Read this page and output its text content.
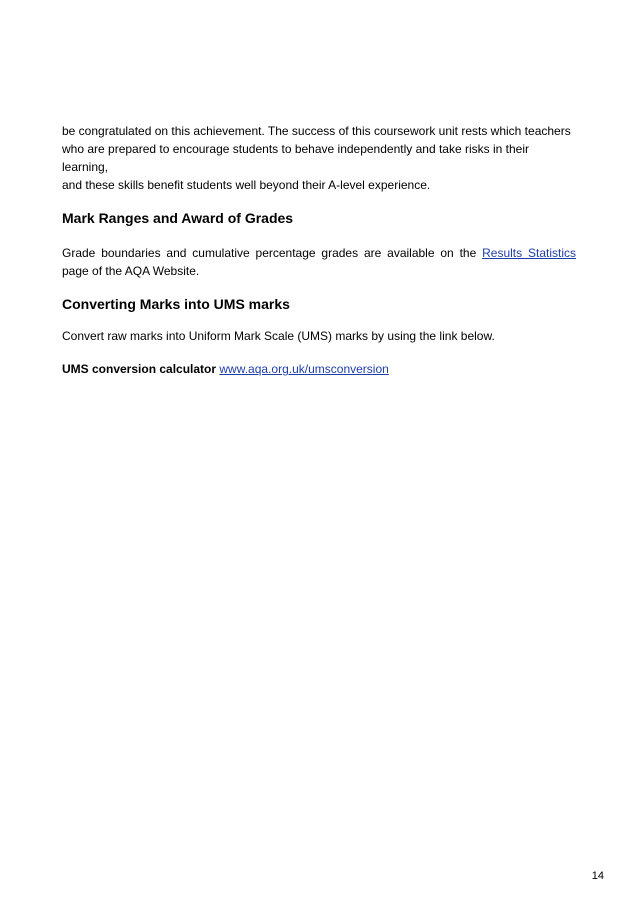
be congratulated on this achievement. The success of this coursework unit rests which teachers
who are prepared to encourage students to behave independently and take risks in their learning,
and these skills benefit students well beyond their A-level experience.

Mark Ranges and Award of Grades

Grade boundaries and cumulative percentage grades are available on the Results Statistics page of the AQA Website.

Converting Marks into UMS marks

Convert raw marks into Uniform Mark Scale (UMS) marks by using the link below.

UMS conversion calculator www.aqa.org.uk/umsconversion

14
